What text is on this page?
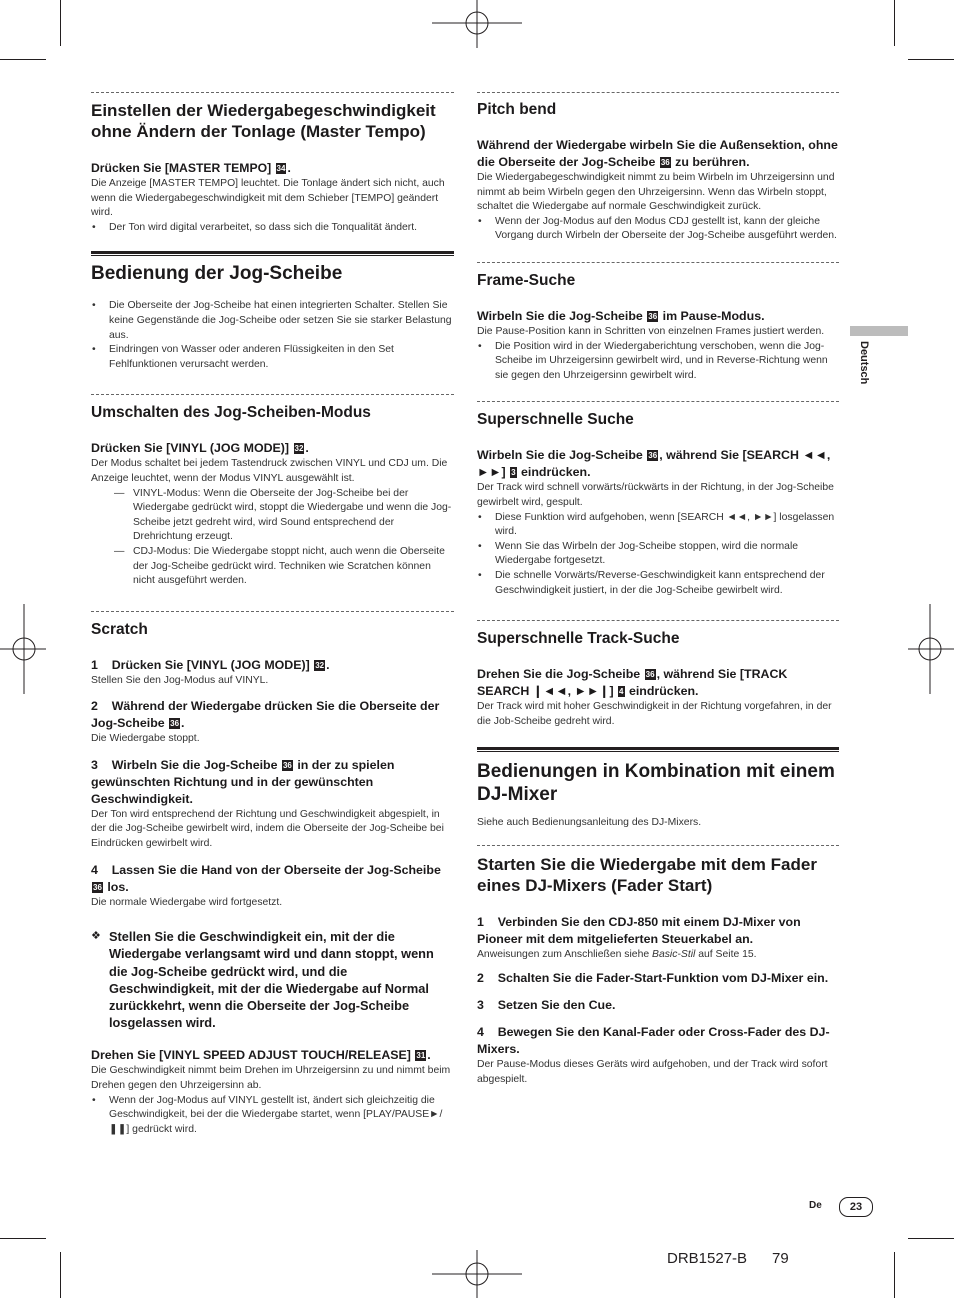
Deutsch

Einstellen der Wiedergabegeschwindigkeit ohne Ändern der Tonlage (Master Tempo)

Drücken Sie [MASTER TEMPO] 34 .
Die Anzeige [MASTER TEMPO] leuchtet. Die Tonlage ändert sich nicht, auch wenn die Wiedergabegeschwindigkeit mit dem Schieber [TEMPO] geändert wird.
• Der Ton wird digital verarbeitet, so dass sich die Tonqualität ändert.

Bedienung der Jog-Scheibe

• Die Oberseite der Jog-Scheibe hat einen integrierten Schalter. Stellen Sie keine Gegenstände die Jog-Scheibe oder setzen Sie sie starker Belastung aus.
• Eindringen von Wasser oder anderen Flüssigkeiten in den Set Fehlfunktionen verursacht werden.

Umschalten des Jog-Scheiben-Modus

Drücken Sie [VINYL (JOG MODE)] 32 .
Der Modus schaltet bei jedem Tastendruck zwischen VINYL und CDJ um. Die Anzeige leuchtet, wenn der Modus VINYL ausgewählt ist.
— VINYL-Modus: Wenn die Oberseite der Jog-Scheibe bei der Wiedergabe gedrückt wird, stoppt die Wiedergabe und wenn die Jog-Scheibe jetzt gedreht wird, wird Sound entsprechend der Drehrichtung erzeugt.
— CDJ-Modus: Die Wiedergabe stoppt nicht, auch wenn die Oberseite der Jog-Scheibe gedrückt wird. Techniken wie Scratchen können nicht ausgeführt werden.

Scratch

1 Drücken Sie [VINYL (JOG MODE)] 32 .
Stellen Sie den Jog-Modus auf VINYL.
2 Während der Wiedergabe drücken Sie die Oberseite der Jog-Scheibe 36 .
Die Wiedergabe stoppt.
3 Wirbeln Sie die Jog-Scheibe 36 in der zu spielen gewünschten Richtung und in der gewünschten Geschwindigkeit.
Der Ton wird entsprechend der Richtung und Geschwindigkeit abgespielt, in der die Jog-Scheibe gewirbelt wird, indem die Oberseite der Jog-Scheibe bei Eindrücken gewirbelt wird.
4 Lassen Sie die Hand von der Oberseite der Jog-Scheibe 36 los.
Die normale Wiedergabe wird fortgesetzt.
❖ Stellen Sie die Geschwindigkeit ein, mit der die Wiedergabe verlangsamt wird und dann stoppt, wenn die Jog-Scheibe gedrückt wird, und die Geschwindigkeit, mit der die Wiedergabe auf Normal zurückkehrt, wenn die Oberseite der Jog-Scheibe losgelassen wird.
Drehen Sie [VINYL SPEED ADJUST TOUCH/RELEASE] 31 .
Die Geschwindigkeit nimmt beim Drehen im Uhrzeigersinn zu und nimmt beim Drehen gegen den Uhrzeigersinn ab.
• Wenn der Jog-Modus auf VINYL gestellt ist, ändert sich gleichzeitig die Geschwindigkeit, bei der die Wiedergabe startet, wenn [PLAY/PAUSE►/❚❚] gedrückt wird.

Pitch bend

Während der Wiedergabe wirbeln Sie die Außensektion, ohne die Oberseite der Jog-Scheibe 36 zu berühren.
Die Wiedergabegeschwindigkeit nimmt zu beim Wirbeln im Uhrzeigersinn und nimmt ab beim Wirbeln gegen den Uhrzeigersinn. Wenn das Wirbeln stoppt, schaltet die Wiedergabe auf normale Geschwindigkeit zurück.
• Wenn der Jog-Modus auf den Modus CDJ gestellt ist, kann der gleiche Vorgang durch Wirbeln der Oberseite der Jog-Scheibe ausgeführt werden.

Frame-Suche

Wirbeln Sie die Jog-Scheibe 36 im Pause-Modus.
Die Pause-Position kann in Schritten von einzelnen Frames justiert werden.
• Die Position wird in der Wiedergaberichtung verschoben, wenn die Jog-Scheibe im Uhrzeigersinn gewirbelt wird, und in Reverse-Richtung wenn sie gegen den Uhrzeigersinn gewirbelt wird.

Superschnelle Suche

Wirbeln Sie die Jog-Scheibe 36 , während Sie [SEARCH ◄◄, ►►] 3 eindrücken.
Der Track wird schnell vorwärts/rückwärts in der Richtung, in der Jog-Scheibe gewirbelt wird, gespult.
• Diese Funktion wird aufgehoben, wenn [SEARCH ◄◄, ►►] losgelassen wird.
• Wenn Sie das Wirbeln der Jog-Scheibe stoppen, wird die normale Wiedergabe fortgesetzt.
• Die schnelle Vorwärts/Reverse-Geschwindigkeit kann entsprechend der Geschwindigkeit justiert, in der die Jog-Scheibe gewirbelt wird.

Superschnelle Track-Suche

Drehen Sie die Jog-Scheibe 36 , während Sie [TRACK SEARCH ❙◄◄, ►►❙] 4 eindrücken.
Der Track wird mit hoher Geschwindigkeit in der Richtung vorgefahren, in der die Job-Scheibe gedreht wird.

Bedienungen in Kombination mit einem DJ-Mixer

Siehe auch Bedienungsanleitung des DJ-Mixers.

Starten Sie die Wiedergabe mit dem Fader eines DJ-Mixers (Fader Start)

1 Verbinden Sie den CDJ-850 mit einem DJ-Mixer von Pioneer mit dem mitgelieferten Steuerkabel an.
Anweisungen zum Anschließen siehe Basic-Stil auf Seite 15.
2 Schalten Sie die Fader-Start-Funktion vom DJ-Mixer ein.
3 Setzen Sie den Cue.
4 Bewegen Sie den Kanal-Fader oder Cross-Fader des DJ-Mixers.
Der Pause-Modus dieses Geräts wird aufgehoben, und der Track wird sofort abgespielt.
De	23
DRB1527-B 79
